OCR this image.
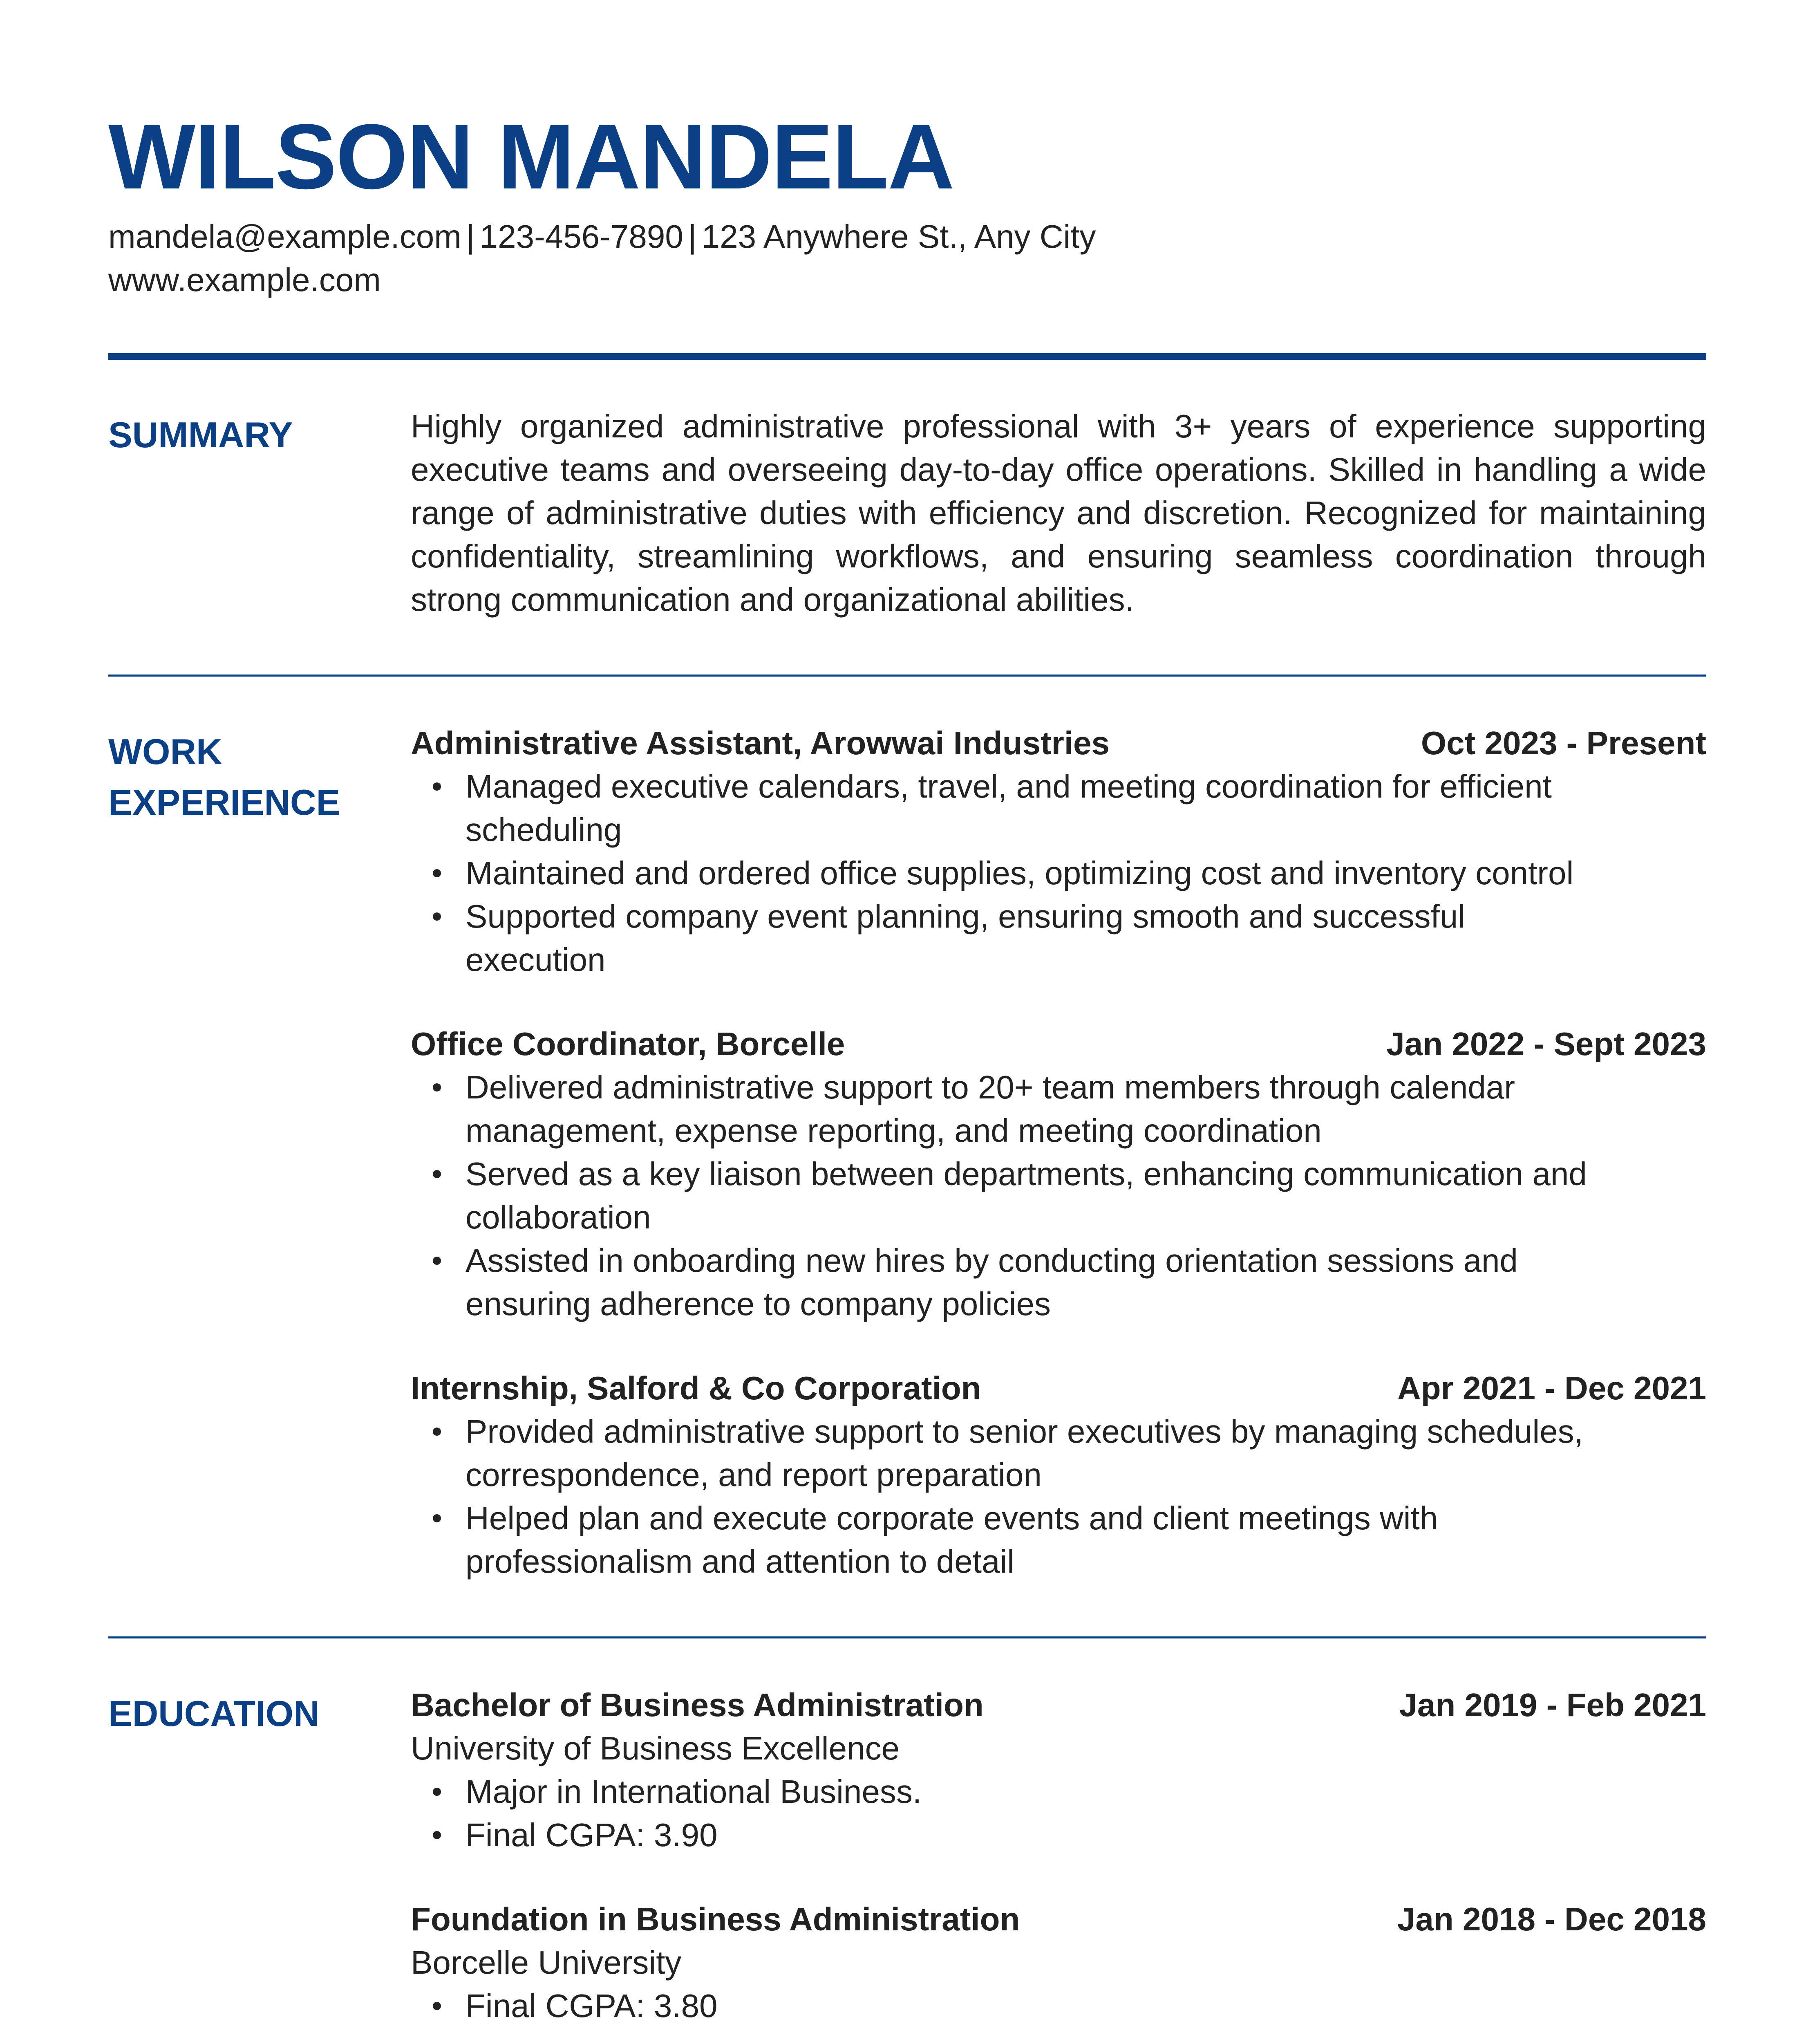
WILSON MANDELA
mandela@example.com | 123-456-7890 | 123 Anywhere St., Any City
www.example.com
SUMMARY	Highly organized administrative professional with 3+ years of experience supporting executive teams and overseeing day-to-day office operations. Skilled in handling a wide range of administrative duties with efficiency and discretion. Recognized for maintaining confidentiality, streamlining workflows, and ensuring seamless coordination through strong communication and organizational abilities.
WORK
EXPERIENCE
Administrative Assistant, Arowwai Industries	Oct 2023 - Present
Managed executive calendars, travel, and meeting coordination for efficient scheduling
Maintained and ordered office supplies, optimizing cost and inventory control
Supported company event planning, ensuring smooth and successful execution
Office Coordinator, Borcelle	Jan 2022 - Sept 2023
Delivered administrative support to 20+ team members through calendar management, expense reporting, and meeting coordination
Served as a key liaison between departments, enhancing communication and collaboration
Assisted in onboarding new hires by conducting orientation sessions and ensuring adherence to company policies
Internship, Salford & Co Corporation	Apr 2021 - Dec 2021
Provided administrative support to senior executives by managing schedules, correspondence, and report preparation
Helped plan and execute corporate events and client meetings with professionalism and attention to detail
EDUCATION	Bachelor of Business Administration	Jan 2019 - Feb 2021
University of Business Excellence
Major in International Business.
Final CGPA: 3.90
Foundation in Business Administration	Jan 2018 - Dec 2018
Borcelle University
Final CGPA: 3.80
